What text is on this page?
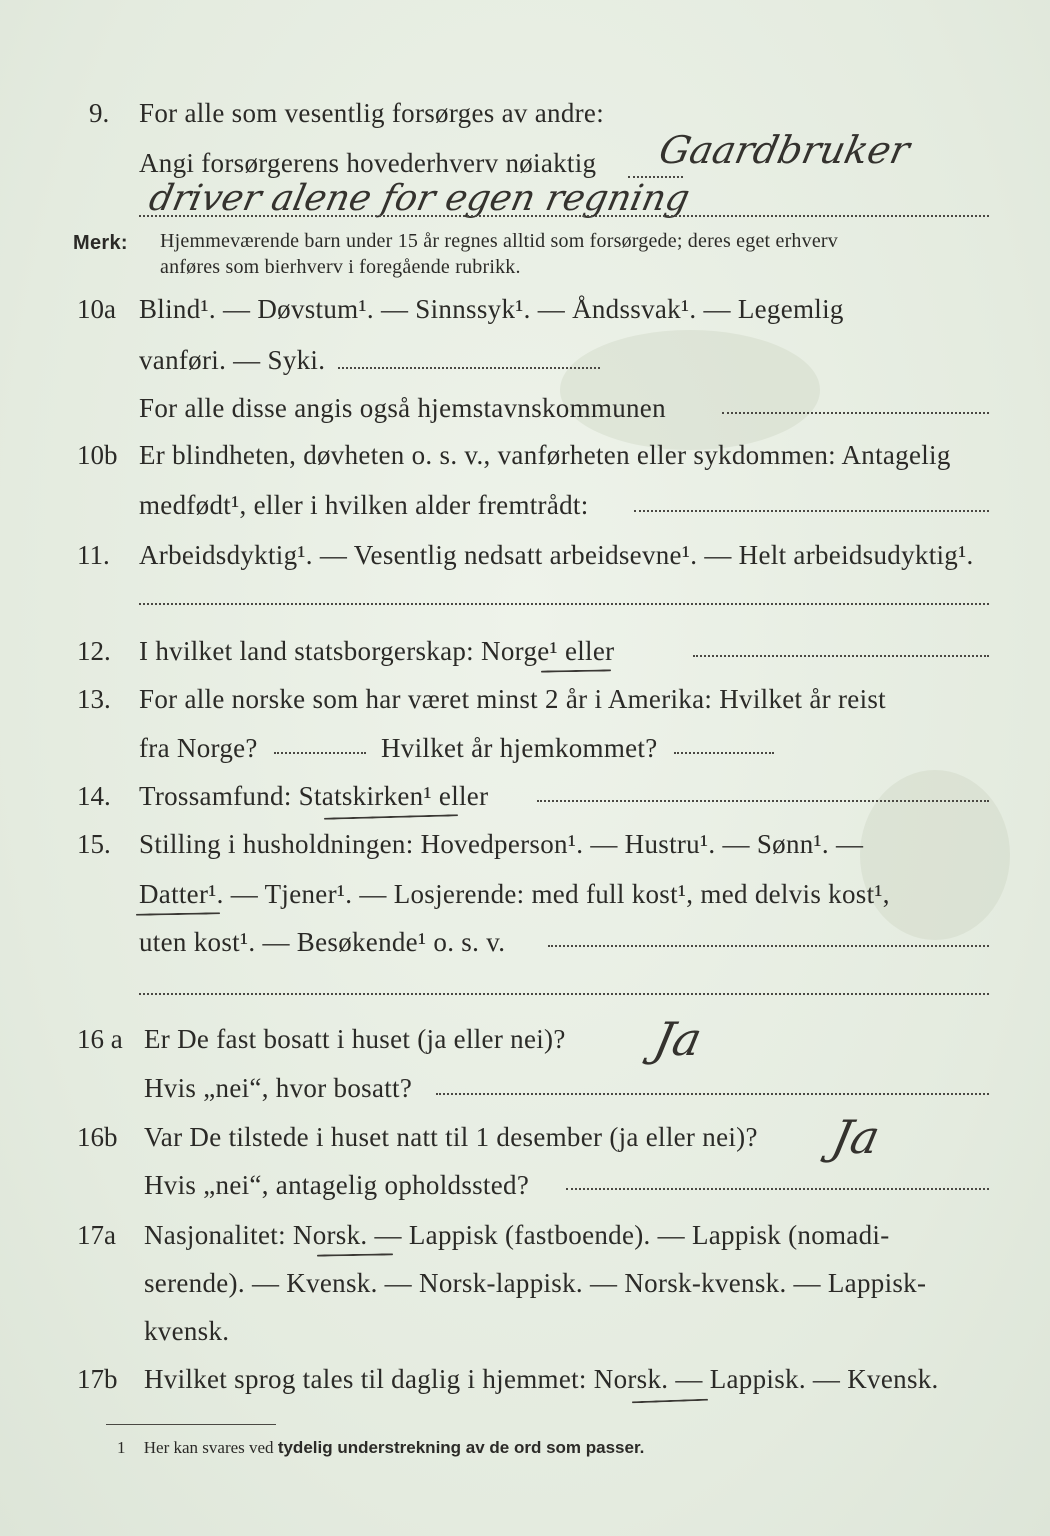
9. For alle som vesentlig forsørges av andre:
Angi forsørgerens hovederhverv nøiaktig Gaardbruker
driver alene for egen regning
Merk: Hjemmeværende barn under 15 år regnes alltid som forsørgede; deres eget erhverv
anføres som bierhverv i foregående rubrikk.
10a Blind¹. — Døvstum¹. — Sinnssyk¹. — Åndssvak¹. — Legemlig
vanføri. — Syki.
For alle disse angis også hjemstavnskommunen
10b Er blindheten, døvheten o. s. v., vanførheten eller sykdommen: Antagelig
medfødt¹, eller i hvilken alder fremtrådt:
11. Arbeidsdyktig¹. — Vesentlig nedsatt arbeidsevne¹. — Helt arbeidsudyktig¹.
12. I hvilket land statsborgerskap: Norge¹ eller
13. For alle norske som har været minst 2 år i Amerika: Hvilket år reist
fra Norge?	Hvilket år hjemkommet?
14. Trossamfund: Statskirken¹ eller
15. Stilling i husholdningen: Hovedperson¹. — Hustru¹. — Sønn¹. —
Datter¹. — Tjener¹. — Losjerende: med full kost¹, med delvis kost¹,
uten kost¹. — Besøkende¹ o. s. v.
16 a Er De fast bosatt i huset (ja eller nei)? Ja
Hvis „nei“, hvor bosatt?
16b Var De tilstede i huset natt til 1 desember (ja eller nei)? Ja
Hvis „nei“, antagelig opholdssted?
17a Nasjonalitet: Norsk. — Lappisk (fastboende). — Lappisk (nomadi-
serende). — Kvensk. — Norsk-lappisk. — Norsk-kvensk. — Lappisk-
kvensk.
17b Hvilket sprog tales til daglig i hjemmet: Norsk. — Lappisk. — Kvensk.
1 Her kan svares ved tydelig understrekning av de ord som passer.
